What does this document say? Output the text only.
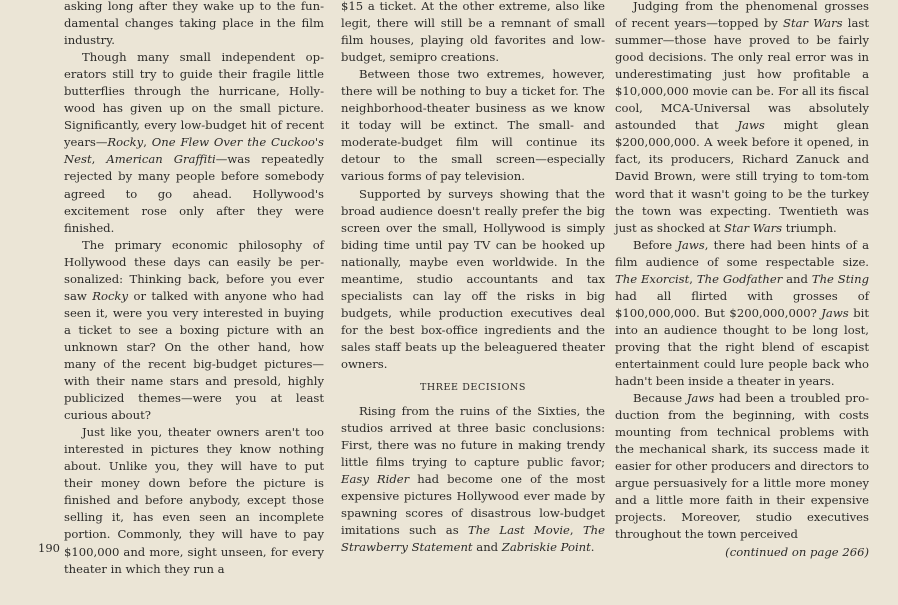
asking long after they wake up to the fundamental changes taking place in the film industry.

Though many small independent operators still try to guide their fragile little butterflies through the hurricane, Hollywood has given up on the small picture. Significantly, every low-budget hit of recent years—Rocky, One Flew Over the Cuckoo's Nest, American Graffiti—was repeatedly rejected by many people before somebody agreed to go ahead. Hollywood's excitement rose only after they were finished.

The primary economic philosophy of Hollywood these days can easily be personalized: Thinking back, before you ever saw Rocky or talked with anyone who had seen it, were you very interested in buying a ticket to see a boxing picture with an unknown star? On the other hand, how many of the recent big-budget pictures—with their name stars and presold, highly publicized themes—were you at least curious about?

Just like you, theater owners aren't too interested in pictures they know nothing about. Unlike you, they will have to put their money down before the picture is finished and before anybody, except those selling it, has even seen an incomplete portion. Commonly, they will have to pay $100,000 and more, sight unseen, for every theater in which they run a

$15 a ticket. At the other extreme, also like legit, there will still be a remnant of small film houses, playing old favorites and low-budget, semipro creations.

Between those two extremes, however, there will be nothing to buy a ticket for. The neighborhood-theater business as we know it today will be extinct. The small- and moderate-budget film will continue its detour to the small screen—especially various forms of pay television.

Supported by surveys showing that the broad audience doesn't really prefer the big screen over the small, Hollywood is simply biding time until pay TV can be hooked up nationally, maybe even worldwide. In the meantime, studio accountants and tax specialists can lay off the risks in big budgets, while production executives deal for the best box-office ingredients and the sales staff beats up the beleaguered theater owners.

THREE DECISIONS

Rising from the ruins of the Sixties, the studios arrived at three basic conclusions: First, there was no future in making trendy little films trying to capture public favor; Easy Rider had become one of the most expensive pictures Hollywood ever made by spawning scores of disastrous low-budget imitations such as The Last Movie, The Strawberry Statement and Zabriskie Point.

Judging from the phenomenal grosses of recent years—topped by Star Wars last summer—those have proved to be fairly good decisions. The only real error was in underestimating just how profitable a $10,000,000 movie can be. For all its fiscal cool, MCA-Universal was absolutely astounded that Jaws might glean $200,000,000. A week before it opened, in fact, its producers, Richard Zanuck and David Brown, were still trying to tom-tom word that it wasn't going to be the turkey the town was expecting. Twentieth was just as shocked at Star Wars triumph.

Before Jaws, there had been hints of a film audience of some respectable size. The Exorcist, The Godfather and The Sting had all flirted with grosses of $100,000,000. But $200,000,000? Jaws bit into an audience thought to be long lost, proving that the right blend of escapist entertainment could lure people back who hadn't been inside a theater in years.

Because Jaws had been a troubled production from the beginning, with costs mounting from technical problems with the mechanical shark, its success made it easier for other producers and directors to argue persuasively for a little more money and a little more faith in their expensive projects. Moreover, studio executives throughout the town perceived

(continued on page 266)

190
